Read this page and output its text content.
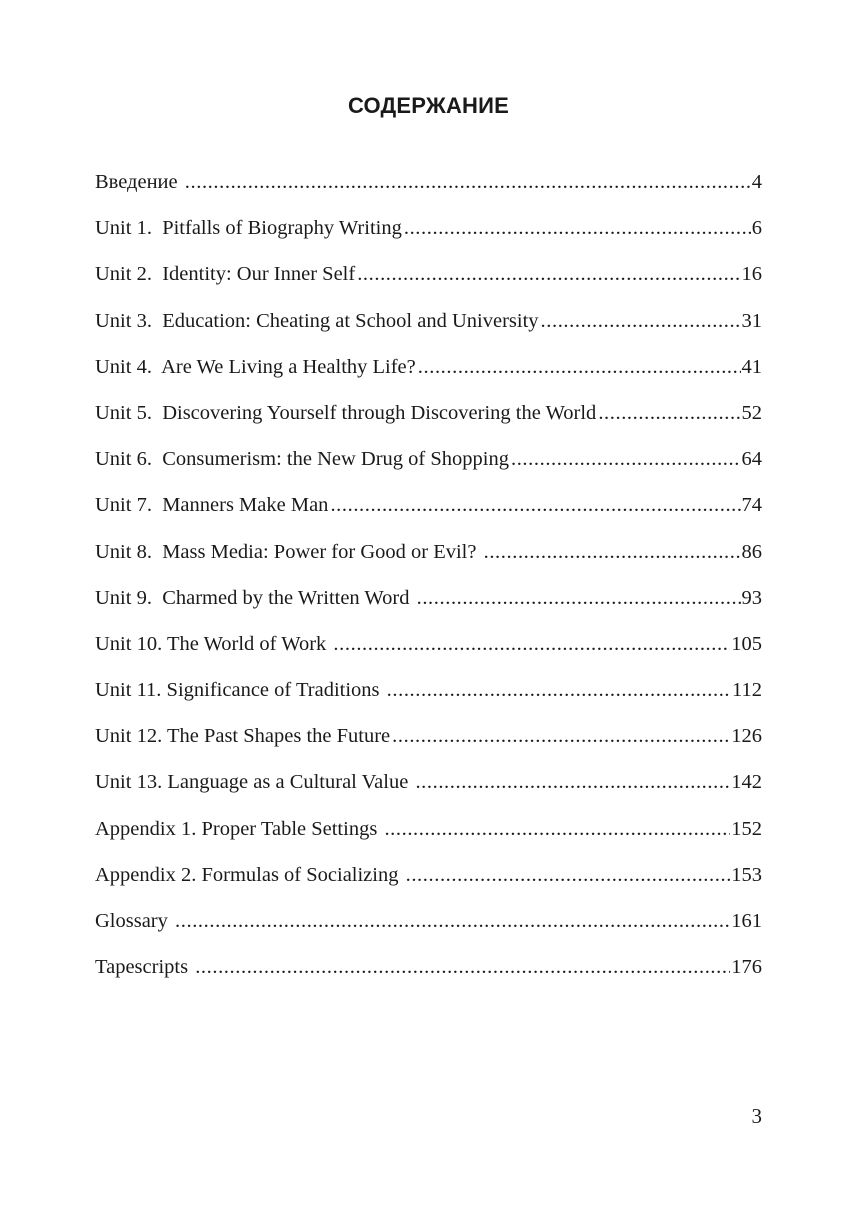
СОДЕРЖАНИЕ
Введение .....	4
Unit 1.  Pitfalls of Biography Writing .....	6
Unit 2.  Identity: Our Inner Self .....	16
Unit 3.  Education: Cheating at School and University .....	31
Unit 4.  Are We Living a Healthy Life? .....	41
Unit 5.  Discovering Yourself through Discovering the World .....	52
Unit 6.  Consumerism: the New Drug of Shopping .....	64
Unit 7.  Manners Make Man .....	74
Unit 8.  Mass Media: Power for Good or Evil? .....	86
Unit 9.  Charmed by the Written Word .....	93
Unit 10. The World of Work .....	105
Unit 11. Significance of Traditions .....	112
Unit 12. The Past Shapes the Future .....	126
Unit 13. Language as a Cultural Value .....	142
Appendix 1. Proper Table Settings .....	152
Appendix 2. Formulas of Socializing .....	153
Glossary .....	161
Tapescripts .....	176
3
